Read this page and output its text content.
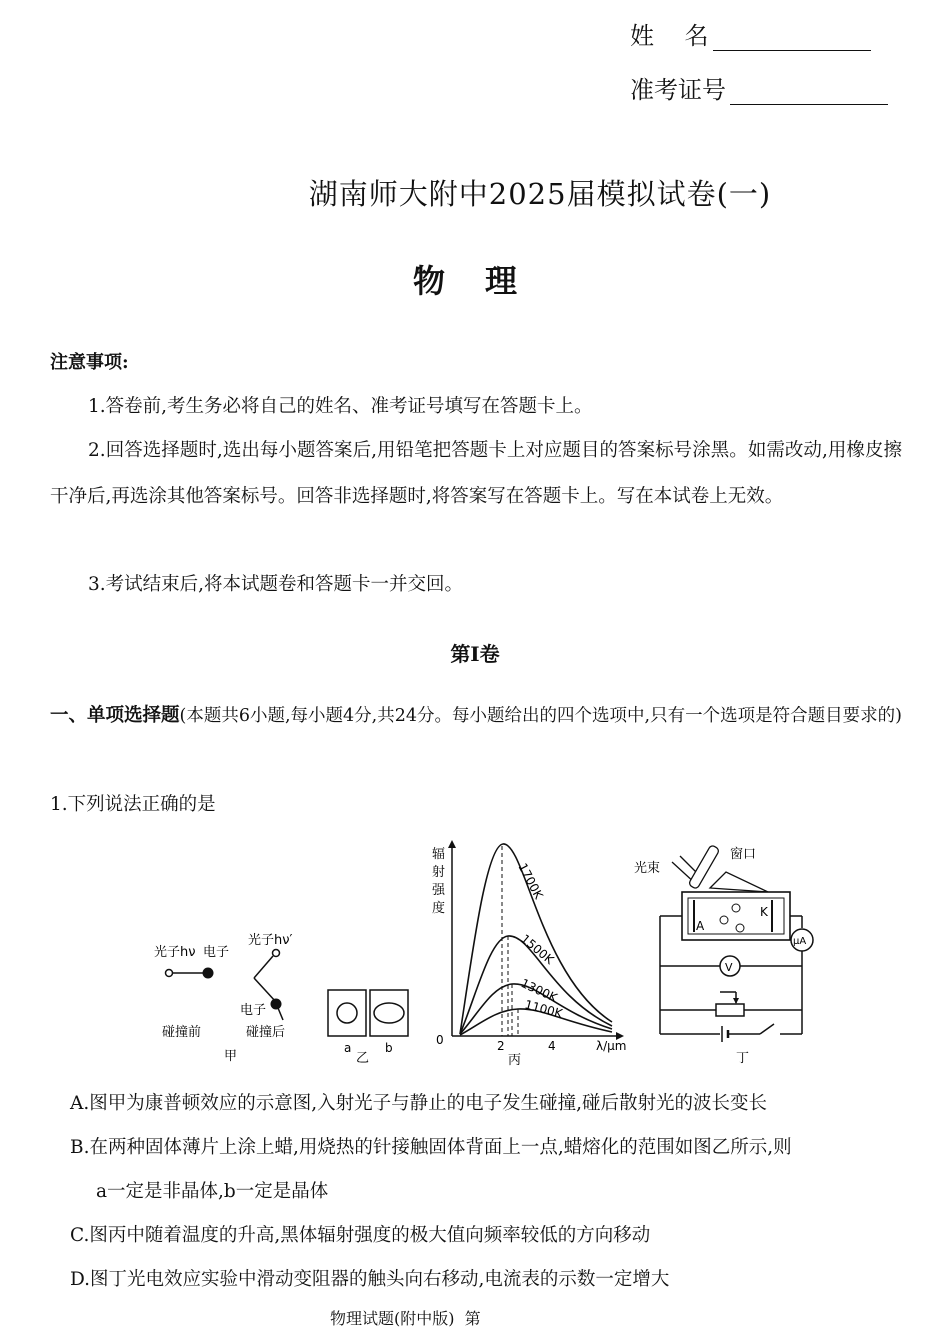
姓    名
准考证号
湖南师大附中2025届模拟试卷(一)
物理
注意事项:
1.答卷前,考生务必将自己的姓名、准考证号填写在答题卡上。
2.回答选择题时,选出每小题答案后,用铅笔把答题卡上对应题目的答案标号涂黑。如需改动,用橡皮擦干净后,再选涂其他答案标号。回答非选择题时,将答案写在答题卡上。写在本试卷上无效。
3.考试结束后,将本试题卷和答题卡一并交回。
第Ⅰ卷
一、单项选择题(本题共6小题,每小题4分,共24分。每小题给出的四个选项中,只有一个选项是符合题目要求的)
1.下列说法正确的是
光子hν 电子
光子hν′
电子
碰撞前	碰撞后
甲
a	b
乙
辐
射
强
度
0	2	4	λ/μm
1700K
1500K
1300K
1100K
丙
光束
窗口
A
K
μA
V
丁
A.图甲为康普顿效应的示意图,入射光子与静止的电子发生碰撞,碰后散射光的波长变长
B.在两种固体薄片上涂上蜡,用烧热的针接触固体背面上一点,蜡熔化的范围如图乙所示,则
a一定是非晶体,b一定是晶体
C.图丙中随着温度的升高,黑体辐射强度的极大值向频率较低的方向移动
D.图丁光电效应实验中滑动变阻器的触头向右移动,电流表的示数一定增大
物理试题(附中版)  第
